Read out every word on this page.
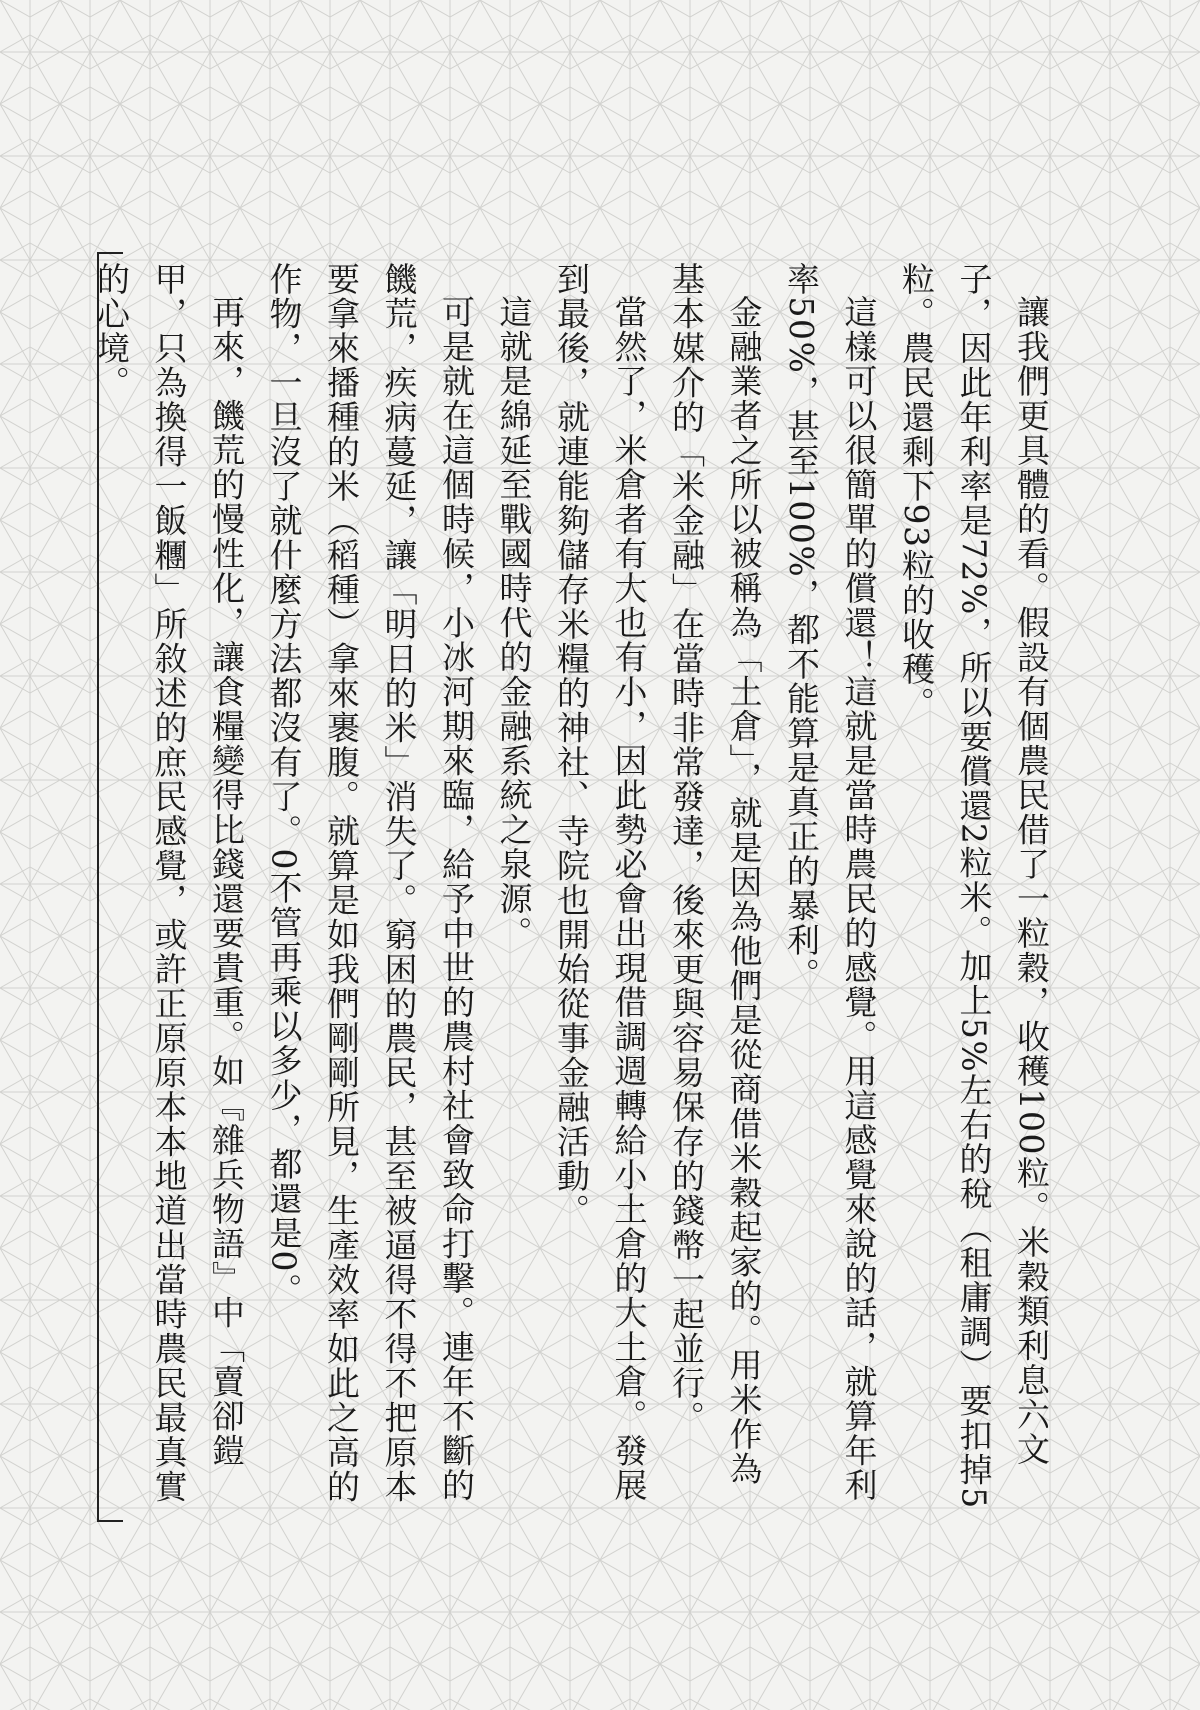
讓我們更具體的看。假設有個農民借了一粒穀，收穫100粒。米穀類利息六文子，因此年利率是72%，所以要償還2粒米。加上5%左右的稅（租庸調）要扣掉5粒。農民還剩下93粒的收穫。

這樣可以很簡單的償還！這就是當時農民的感覺。用這感覺來說的話，就算年利率50%，甚至100%，都不能算是真正的暴利。

金融業者之所以被稱為「土倉」，就是因為他們是從商借米穀起家的。用米作為基本媒介的「米金融」在當時非常發達，後來更與容易保存的錢幣一起並行。

當然了，米倉者有大也有小，因此勢必會出現借調週轉給小土倉的大土倉。發展到最後，就連能夠儲存米糧的神社、寺院也開始從事金融活動。

這就是綿延至戰國時代的金融系統之泉源。

可是就在這個時候，小冰河期來臨，給予中世的農村社會致命打擊。連年不斷的饑荒，疾病蔓延，讓「明日的米」消失了。窮困的農民，甚至被逼得不得不把原本要拿來播種的米（稻種）拿來裹腹。就算是如我們剛剛所見，生產效率如此之高的作物，一旦沒了就什麼方法都沒有了。0不管再乘以多少，都還是0。

再來，饑荒的慢性化，讓食糧變得比錢還要貴重。如『雜兵物語』中「賣卻鎧甲，只為換得一飯糰」所敘述的庶民感覺，或許正原原本本地道出當時農民最真實的心境。
